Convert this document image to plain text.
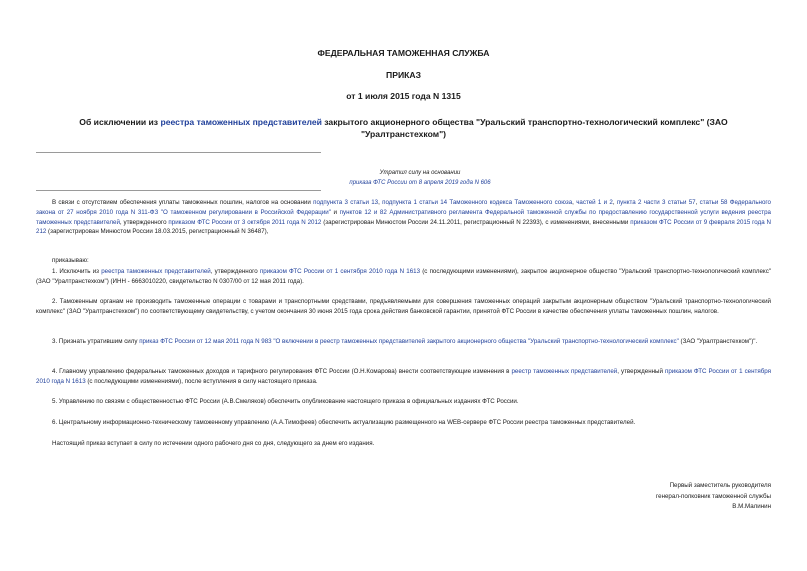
ФЕДЕРАЛЬНАЯ ТАМОЖЕННАЯ СЛУЖБА
ПРИКАЗ
от 1 июля 2015 года N 1315
Об исключении из реестра таможенных представителей закрытого акционерного общества "Уральский транспортно-технологический комплекс" (ЗАО "Уралтранстехком")
Утратил силу на основании
приказа ФТС России от 8 апреля 2019 года N 606
В связи с отсутствием обеспечения уплаты таможенных пошлин, налогов на основании подпункта 3 статьи 13, подпункта 1 статьи 14 Таможенного кодекса Таможенного союза, частей 1 и 2, пункта 2 части 3 статьи 57, статьи 58 Федерального закона от 27 ноября 2010 года N 311-ФЗ "О таможенном регулировании в Российской Федерации" и пунктов 12 и 82 Административного регламента Федеральной таможенной службы по предоставлению государственной услуги ведения реестра таможенных представителей, утвержденного приказом ФТС России от 3 октября 2011 года N 2012 (зарегистрирован Минюстом России 24.11.2011, регистрационный N 22393), с изменениями, внесенными приказом ФТС России от 9 февраля 2015 года N 212 (зарегистрирован Минюстом России 18.03.2015, регистрационный N 36487),
приказываю:
1. Исключить из реестра таможенных представителей, утвержденного приказом ФТС России от 1 сентября 2010 года N 1613 (с последующими изменениями), закрытое акционерное общество "Уральский транспортно-технологический комплекс" (ЗАО "Уралтранстехком") (ИНН - 6663010220, свидетельство N 0307/00 от 12 мая 2011 года).
2. Таможенным органам не производить таможенные операции с товарами и транспортными средствами, предъявляемыми для совершения таможенных операций закрытым акционерным обществом "Уральский транспортно-технологический комплекс" (ЗАО "Уралтранстехком") по соответствующему свидетельству, с учетом окончания 30 июня 2015 года срока действия банковской гарантии, принятой ФТС России в качестве обеспечения уплаты таможенных пошлин, налогов.
3. Признать утратившим силу приказ ФТС России от 12 мая 2011 года N 983 "О включении в реестр таможенных представителей закрытого акционерного общества "Уральский транспортно-технологический комплекс" (ЗАО "Уралтранстехком")".
4. Главному управлению федеральных таможенных доходов и тарифного регулирования ФТС России (О.Н.Комарова) внести соответствующие изменения в реестр таможенных представителей, утвержденный приказом ФТС России от 1 сентября 2010 года N 1613 (с последующими изменениями), после вступления в силу настоящего приказа.
5. Управлению по связям с общественностью ФТС России (А.В.Смеляков) обеспечить опубликование настоящего приказа в официальных изданиях ФТС России.
6. Центральному информационно-техническому таможенному управлению (А.А.Тимофеев) обеспечить актуализацию размещенного на WEB-сервере ФТС России реестра таможенных представителей.
Настоящий приказ вступает в силу по истечении одного рабочего дня со дня, следующего за днем его издания.
Первый заместитель руководителя
генерал-полковник таможенной службы
В.М.Малинин
